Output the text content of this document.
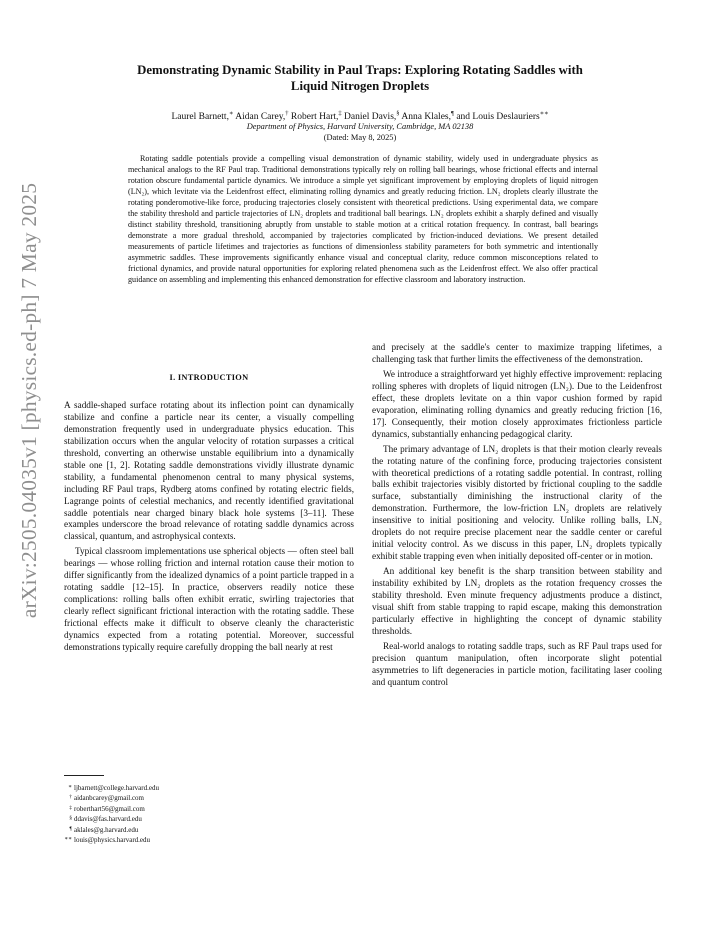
arXiv:2505.04035v1 [physics.ed-ph] 7 May 2025
Demonstrating Dynamic Stability in Paul Traps: Exploring Rotating Saddles with Liquid Nitrogen Droplets
Laurel Barnett,∗ Aidan Carey,† Robert Hart,‡ Daniel Davis,§ Anna Klales,¶ and Louis Deslauriers∗∗
Department of Physics, Harvard University, Cambridge, MA 02138
(Dated: May 8, 2025)

Rotating saddle potentials provide a compelling visual demonstration of dynamic stability, widely used in undergraduate physics as mechanical analogs to the RF Paul trap. Traditional demonstrations typically rely on rolling ball bearings, whose frictional effects and internal rotation obscure fundamental particle dynamics. We introduce a simple yet significant improvement by employing droplets of liquid nitrogen (LN₂), which levitate via the Leidenfrost effect, eliminating rolling dynamics and greatly reducing friction. LN₂ droplets clearly illustrate the rotating ponderomotive-like force, producing trajectories closely consistent with theoretical predictions. Using experimental data, we compare the stability threshold and particle trajectories of LN₂ droplets and traditional ball bearings. LN₂ droplets exhibit a sharply defined and visually distinct stability threshold, transitioning abruptly from unstable to stable motion at a critical rotation frequency. In contrast, ball bearings demonstrate a more gradual threshold, accompanied by trajectories complicated by friction-induced deviations. We present detailed measurements of particle lifetimes and trajectories as functions of dimensionless stability parameters for both symmetric and intentionally asymmetric saddles. These improvements significantly enhance visual and conceptual clarity, reduce common misconceptions related to frictional dynamics, and provide natural opportunities for exploring related phenomena such as the Leidenfrost effect. We also offer practical guidance on assembling and implementing this enhanced demonstration for effective classroom and laboratory instruction.

I. INTRODUCTION

A saddle-shaped surface rotating about its inflection point can dynamically stabilize and confine a particle near its center, a visually compelling demonstration frequently used in undergraduate physics education. This stabilization occurs when the angular velocity of rotation surpasses a critical threshold, converting an otherwise unstable equilibrium into a dynamically stable one [1, 2]. Rotating saddle demonstrations vividly illustrate dynamic stability, a fundamental phenomenon central to many physical systems, including RF Paul traps, Rydberg atoms confined by rotating electric fields, Lagrange points of celestial mechanics, and recently identified gravitational saddle potentials near charged binary black hole systems [3–11]. These examples underscore the broad relevance of rotating saddle dynamics across classical, quantum, and astrophysical contexts.

Typical classroom implementations use spherical objects — often steel ball bearings — whose rolling friction and internal rotation cause their motion to differ significantly from the idealized dynamics of a point particle trapped in a rotating saddle [12–15]. In practice, observers readily notice these complications: rolling balls often exhibit erratic, swirling trajectories that clearly reflect significant frictional interaction with the rotating saddle. These frictional effects make it difficult to observe cleanly the characteristic dynamics expected from a rotating potential. Moreover, successful demonstrations typically require carefully dropping the ball nearly at rest

and precisely at the saddle's center to maximize trapping lifetimes, a challenging task that further limits the effectiveness of the demonstration.

We introduce a straightforward yet highly effective improvement: replacing rolling spheres with droplets of liquid nitrogen (LN₂). Due to the Leidenfrost effect, these droplets levitate on a thin vapor cushion formed by rapid evaporation, eliminating rolling dynamics and greatly reducing friction [16, 17]. Consequently, their motion closely approximates frictionless particle dynamics, substantially enhancing pedagogical clarity.

The primary advantage of LN₂ droplets is that their motion clearly reveals the rotating nature of the confining force, producing trajectories consistent with theoretical predictions of a rotating saddle potential. In contrast, rolling balls exhibit trajectories visibly distorted by frictional coupling to the saddle surface, substantially diminishing the instructional clarity of the demonstration. Furthermore, the low-friction LN₂ droplets are relatively insensitive to initial positioning and velocity. Unlike rolling balls, LN₂ droplets do not require precise placement near the saddle center or careful initial velocity control. As we discuss in this paper, LN₂ droplets typically exhibit stable trapping even when initially deposited off-center or in motion.

An additional key benefit is the sharp transition between stability and instability exhibited by LN₂ droplets as the rotation frequency crosses the stability threshold. Even minute frequency adjustments produce a distinct, visual shift from stable trapping to rapid escape, making this demonstration particularly effective in highlighting the concept of dynamic stability thresholds.

Real-world analogs to rotating saddle traps, such as RF Paul traps used for precision quantum manipulation, often incorporate slight potential asymmetries to lift degeneracies in particle motion, facilitating laser cooling and quantum control

∗ ljbarnett@college.harvard.edu
† aidanbcarey@gmail.com
‡ roberthart56@gmail.com
§ ddavis@fas.harvard.edu
¶ aklales@g.harvard.edu
∗∗ louis@physics.harvard.edu
